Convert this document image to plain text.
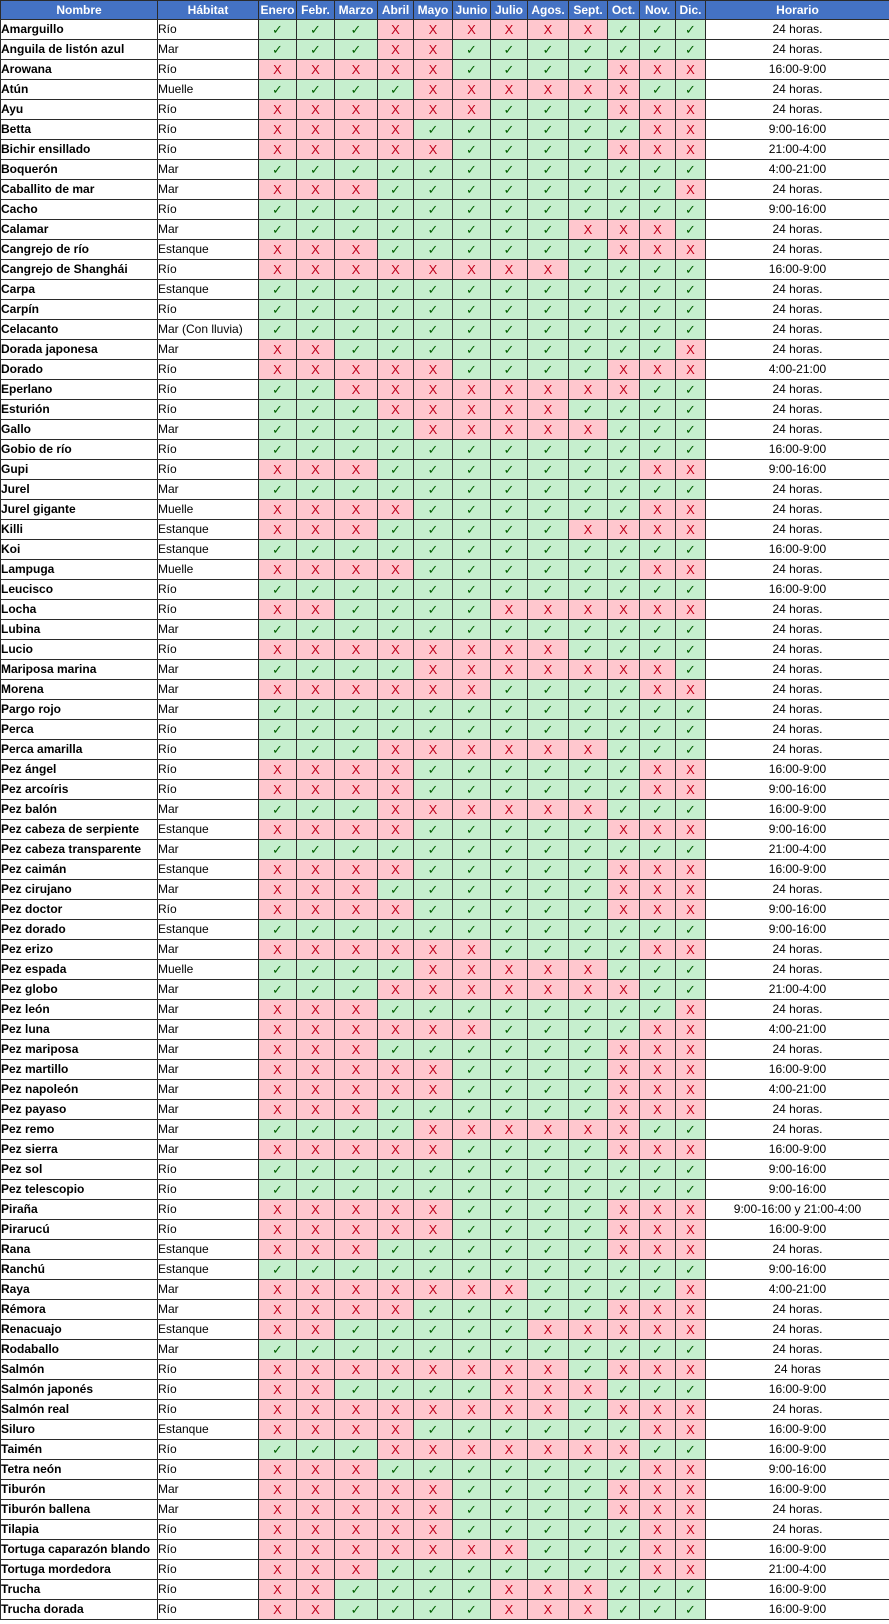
Nombre	Hábitat	Enero	Febr.	Marzo	Abril	Mayo	Junio	Julio	Agos.	Sept.	Oct.	Nov.	Dic.	Horario
Amarguillo	Río	✓	✓	✓	X	X	X	X	X	X	✓	✓	✓	24 horas.
Anguila de listón azul	Mar	✓	✓	✓	X	X	✓	✓	✓	✓	✓	✓	✓	24 horas.
Arowana	Río	X	X	X	X	X	✓	✓	✓	✓	X	X	X	16:00-9:00
Atún	Muelle	✓	✓	✓	✓	X	X	X	X	X	X	✓	✓	24 horas.
Ayu	Río	X	X	X	X	X	X	✓	✓	✓	X	X	X	24 horas.
Betta	Río	X	X	X	X	✓	✓	✓	✓	✓	✓	X	X	9:00-16:00
Bichir ensillado	Río	X	X	X	X	X	✓	✓	✓	✓	X	X	X	21:00-4:00
Boquerón	Mar	✓	✓	✓	✓	✓	✓	✓	✓	✓	✓	✓	✓	4:00-21:00
Caballito de mar	Mar	X	X	X	✓	✓	✓	✓	✓	✓	✓	✓	X	24 horas.
Cacho	Río	✓	✓	✓	✓	✓	✓	✓	✓	✓	✓	✓	✓	9:00-16:00
Calamar	Mar	✓	✓	✓	✓	✓	✓	✓	✓	X	X	X	✓	24 horas.
Cangrejo de río	Estanque	X	X	X	✓	✓	✓	✓	✓	✓	X	X	X	24 horas.
Cangrejo de Shanghái	Río	X	X	X	X	X	X	X	X	✓	✓	✓	✓	16:00-9:00
Carpa	Estanque	✓	✓	✓	✓	✓	✓	✓	✓	✓	✓	✓	✓	24 horas.
Carpín	Río	✓	✓	✓	✓	✓	✓	✓	✓	✓	✓	✓	✓	24 horas.
Celacanto	Mar (Con lluvia)	✓	✓	✓	✓	✓	✓	✓	✓	✓	✓	✓	✓	24 horas.
Dorada japonesa	Mar	X	X	✓	✓	✓	✓	✓	✓	✓	✓	✓	X	24 horas.
Dorado	Río	X	X	X	X	X	✓	✓	✓	✓	X	X	X	4:00-21:00
Eperlano	Río	✓	✓	X	X	X	X	X	X	X	X	✓	✓	24 horas.
Esturión	Río	✓	✓	✓	X	X	X	X	X	✓	✓	✓	✓	24 horas.
Gallo	Mar	✓	✓	✓	✓	X	X	X	X	X	✓	✓	✓	24 horas.
Gobio de río	Río	✓	✓	✓	✓	✓	✓	✓	✓	✓	✓	✓	✓	16:00-9:00
Gupi	Río	X	X	X	✓	✓	✓	✓	✓	✓	✓	X	X	9:00-16:00
Jurel	Mar	✓	✓	✓	✓	✓	✓	✓	✓	✓	✓	✓	✓	24 horas.
Jurel gigante	Muelle	X	X	X	X	✓	✓	✓	✓	✓	✓	X	X	24 horas.
Killi	Estanque	X	X	X	✓	✓	✓	✓	✓	X	X	X	X	24 horas.
Koi	Estanque	✓	✓	✓	✓	✓	✓	✓	✓	✓	✓	✓	✓	16:00-9:00
Lampuga	Muelle	X	X	X	X	✓	✓	✓	✓	✓	✓	X	X	24 horas.
Leucisco	Río	✓	✓	✓	✓	✓	✓	✓	✓	✓	✓	✓	✓	16:00-9:00
Locha	Río	X	X	✓	✓	✓	✓	X	X	X	X	X	X	24 horas.
Lubina	Mar	✓	✓	✓	✓	✓	✓	✓	✓	✓	✓	✓	✓	24 horas.
Lucio	Río	X	X	X	X	X	X	X	X	✓	✓	✓	✓	24 horas.
Mariposa marina	Mar	✓	✓	✓	✓	X	X	X	X	X	X	X	✓	24 horas.
Morena	Mar	X	X	X	X	X	X	✓	✓	✓	✓	X	X	24 horas.
Pargo rojo	Mar	✓	✓	✓	✓	✓	✓	✓	✓	✓	✓	✓	✓	24 horas.
Perca	Río	✓	✓	✓	✓	✓	✓	✓	✓	✓	✓	✓	✓	24 horas.
Perca amarilla	Río	✓	✓	✓	X	X	X	X	X	X	✓	✓	✓	24 horas.
Pez ángel	Río	X	X	X	X	✓	✓	✓	✓	✓	✓	X	X	16:00-9:00
Pez arcoíris	Río	X	X	X	X	✓	✓	✓	✓	✓	✓	X	X	9:00-16:00
Pez balón	Mar	✓	✓	✓	X	X	X	X	X	X	✓	✓	✓	16:00-9:00
Pez cabeza de serpiente	Estanque	X	X	X	X	✓	✓	✓	✓	✓	X	X	X	9:00-16:00
Pez cabeza transparente	Mar	✓	✓	✓	✓	✓	✓	✓	✓	✓	✓	✓	✓	21:00-4:00
Pez caimán	Estanque	X	X	X	X	✓	✓	✓	✓	✓	X	X	X	16:00-9:00
Pez cirujano	Mar	X	X	X	✓	✓	✓	✓	✓	✓	X	X	X	24 horas.
Pez doctor	Río	X	X	X	X	✓	✓	✓	✓	✓	X	X	X	9:00-16:00
Pez dorado	Estanque	✓	✓	✓	✓	✓	✓	✓	✓	✓	✓	✓	✓	9:00-16:00
Pez erizo	Mar	X	X	X	X	X	X	✓	✓	✓	✓	X	X	24 horas.
Pez espada	Muelle	✓	✓	✓	✓	X	X	X	X	X	✓	✓	✓	24 horas.
Pez globo	Mar	✓	✓	✓	X	X	X	X	X	X	X	✓	✓	21:00-4:00
Pez león	Mar	X	X	X	✓	✓	✓	✓	✓	✓	✓	✓	X	24 horas.
Pez luna	Mar	X	X	X	X	X	X	✓	✓	✓	✓	X	X	4:00-21:00
Pez mariposa	Mar	X	X	X	✓	✓	✓	✓	✓	✓	X	X	X	24 horas.
Pez martillo	Mar	X	X	X	X	X	✓	✓	✓	✓	X	X	X	16:00-9:00
Pez napoleón	Mar	X	X	X	X	X	✓	✓	✓	✓	X	X	X	4:00-21:00
Pez payaso	Mar	X	X	X	✓	✓	✓	✓	✓	✓	X	X	X	24 horas.
Pez remo	Mar	✓	✓	✓	✓	X	X	X	X	X	X	✓	✓	24 horas.
Pez sierra	Mar	X	X	X	X	X	✓	✓	✓	✓	X	X	X	16:00-9:00
Pez sol	Río	✓	✓	✓	✓	✓	✓	✓	✓	✓	✓	✓	✓	9:00-16:00
Pez telescopio	Río	✓	✓	✓	✓	✓	✓	✓	✓	✓	✓	✓	✓	9:00-16:00
Piraña	Río	X	X	X	X	X	✓	✓	✓	✓	X	X	X	9:00-16:00 y 21:00-4:00
Pirarucú	Río	X	X	X	X	X	✓	✓	✓	✓	X	X	X	16:00-9:00
Rana	Estanque	X	X	X	✓	✓	✓	✓	✓	✓	X	X	X	24 horas.
Ranchú	Estanque	✓	✓	✓	✓	✓	✓	✓	✓	✓	✓	✓	✓	9:00-16:00
Raya	Mar	X	X	X	X	X	X	X	✓	✓	✓	✓	X	4:00-21:00
Rémora	Mar	X	X	X	X	✓	✓	✓	✓	✓	X	X	X	24 horas.
Renacuajo	Estanque	X	X	✓	✓	✓	✓	✓	X	X	X	X	X	24 horas.
Rodaballo	Mar	✓	✓	✓	✓	✓	✓	✓	✓	✓	✓	✓	✓	24 horas.
Salmón	Río	X	X	X	X	X	X	X	X	✓	X	X	X	24 horas
Salmón japonés	Río	X	X	✓	✓	✓	✓	X	X	X	✓	✓	✓	16:00-9:00
Salmón real	Río	X	X	X	X	X	X	X	X	✓	X	X	X	24 horas.
Siluro	Estanque	X	X	X	X	✓	✓	✓	✓	✓	✓	X	X	16:00-9:00
Taimén	Río	✓	✓	✓	X	X	X	X	X	X	X	✓	✓	16:00-9:00
Tetra neón	Río	X	X	X	✓	✓	✓	✓	✓	✓	✓	X	X	9:00-16:00
Tiburón	Mar	X	X	X	X	X	✓	✓	✓	✓	X	X	X	16:00-9:00
Tiburón ballena	Mar	X	X	X	X	X	✓	✓	✓	✓	X	X	X	24 horas.
Tilapia	Río	X	X	X	X	X	✓	✓	✓	✓	✓	X	X	24 horas.
Tortuga caparazón blando	Río	X	X	X	X	X	X	X	✓	✓	✓	X	X	16:00-9:00
Tortuga mordedora	Río	X	X	X	✓	✓	✓	✓	✓	✓	✓	X	X	21:00-4:00
Trucha	Río	X	X	✓	✓	✓	✓	X	X	X	✓	✓	✓	16:00-9:00
Trucha dorada	Río	X	X	✓	✓	✓	✓	X	X	X	✓	✓	✓	16:00-9:00
